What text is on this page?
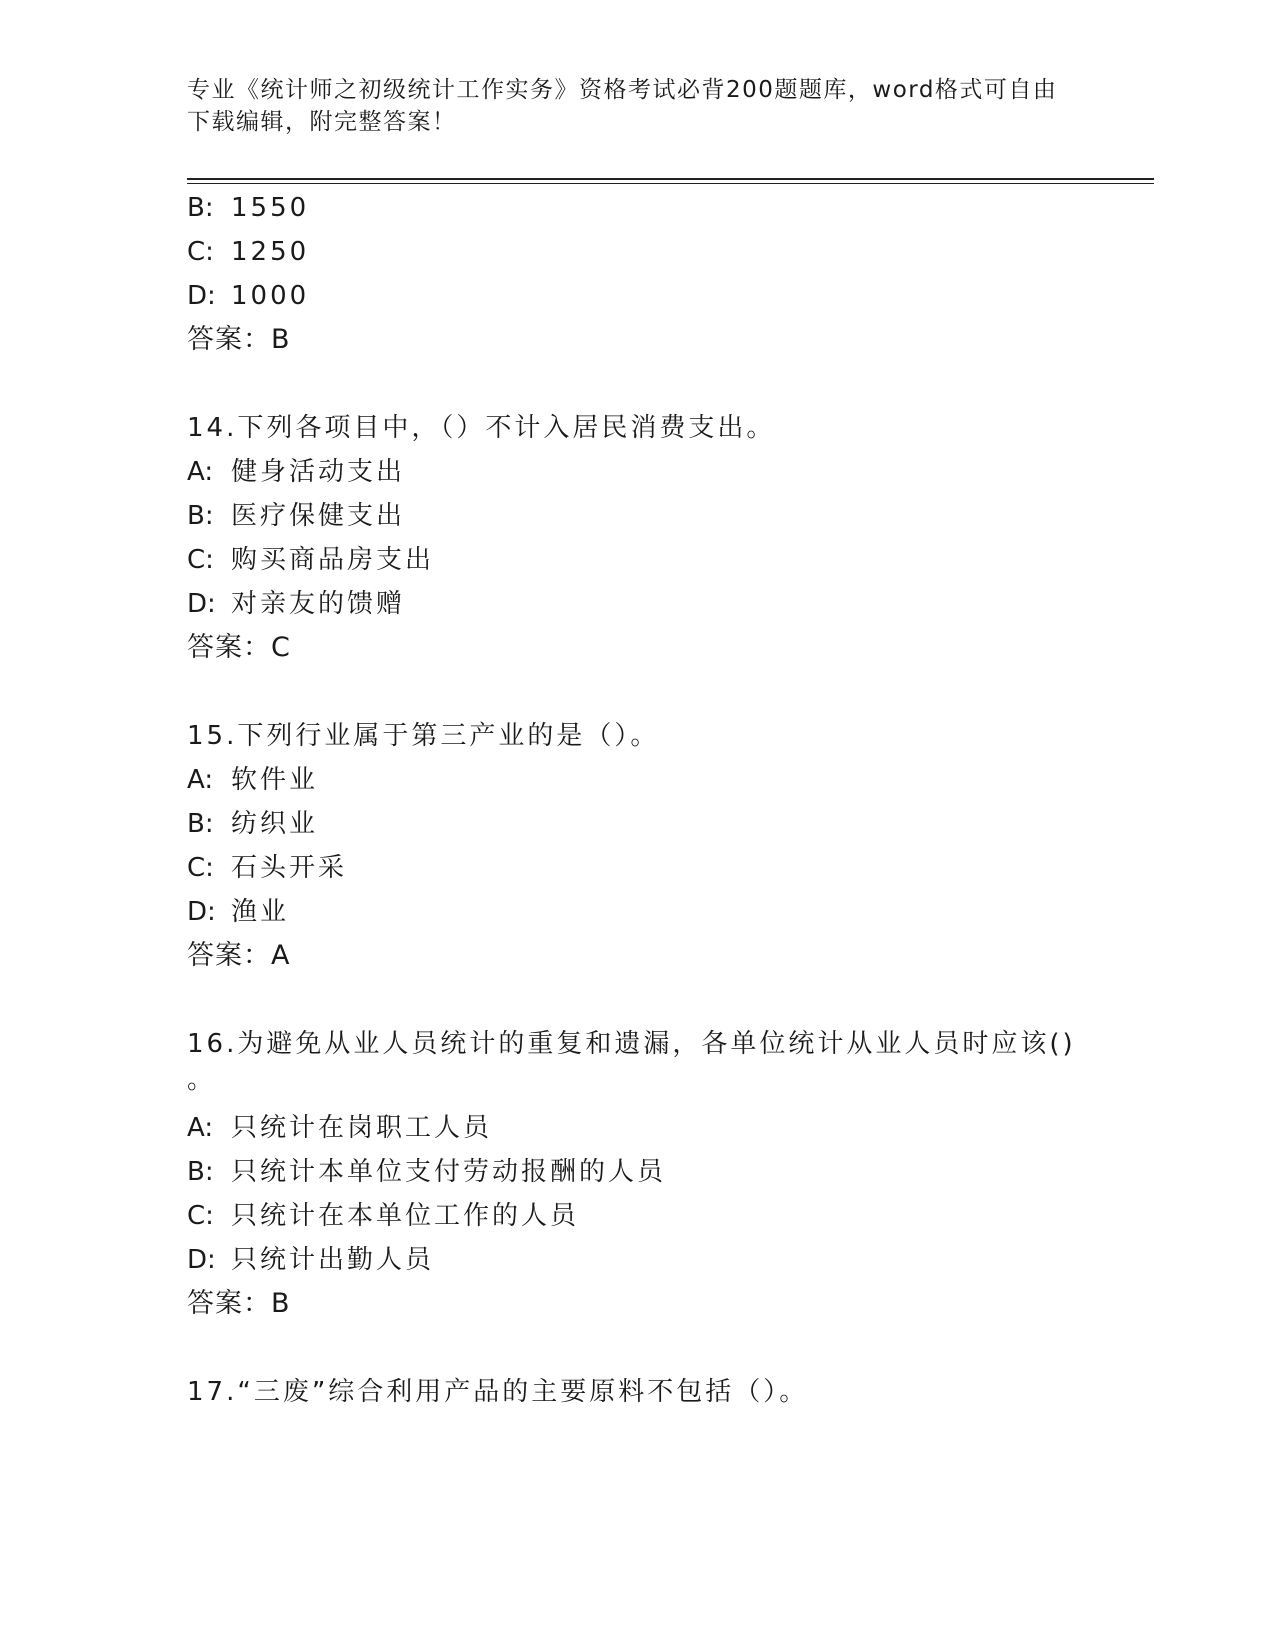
专业《统计师之初级统计工作实务》资格考试必背200题题库，word格式可自由
下载编辑，附完整答案！
B: 1550
C: 1250
D: 1000
答案：B
14.下列各项目中，（）不计入居民消费支出。
A: 健身活动支出
B: 医疗保健支出
C: 购买商品房支出
D: 对亲友的馈赠
答案：C
15.下列行业属于第三产业的是（）。
A: 软件业
B: 纺织业
C: 石头开采
D: 渔业
答案：A
16.为避免从业人员统计的重复和遗漏，各单位统计从业人员时应该()
。
A: 只统计在岗职工人员
B: 只统计本单位支付劳动报酬的人员
C: 只统计在本单位工作的人员
D: 只统计出勤人员
答案：B
17.“三废”综合利用产品的主要原料不包括（）。
